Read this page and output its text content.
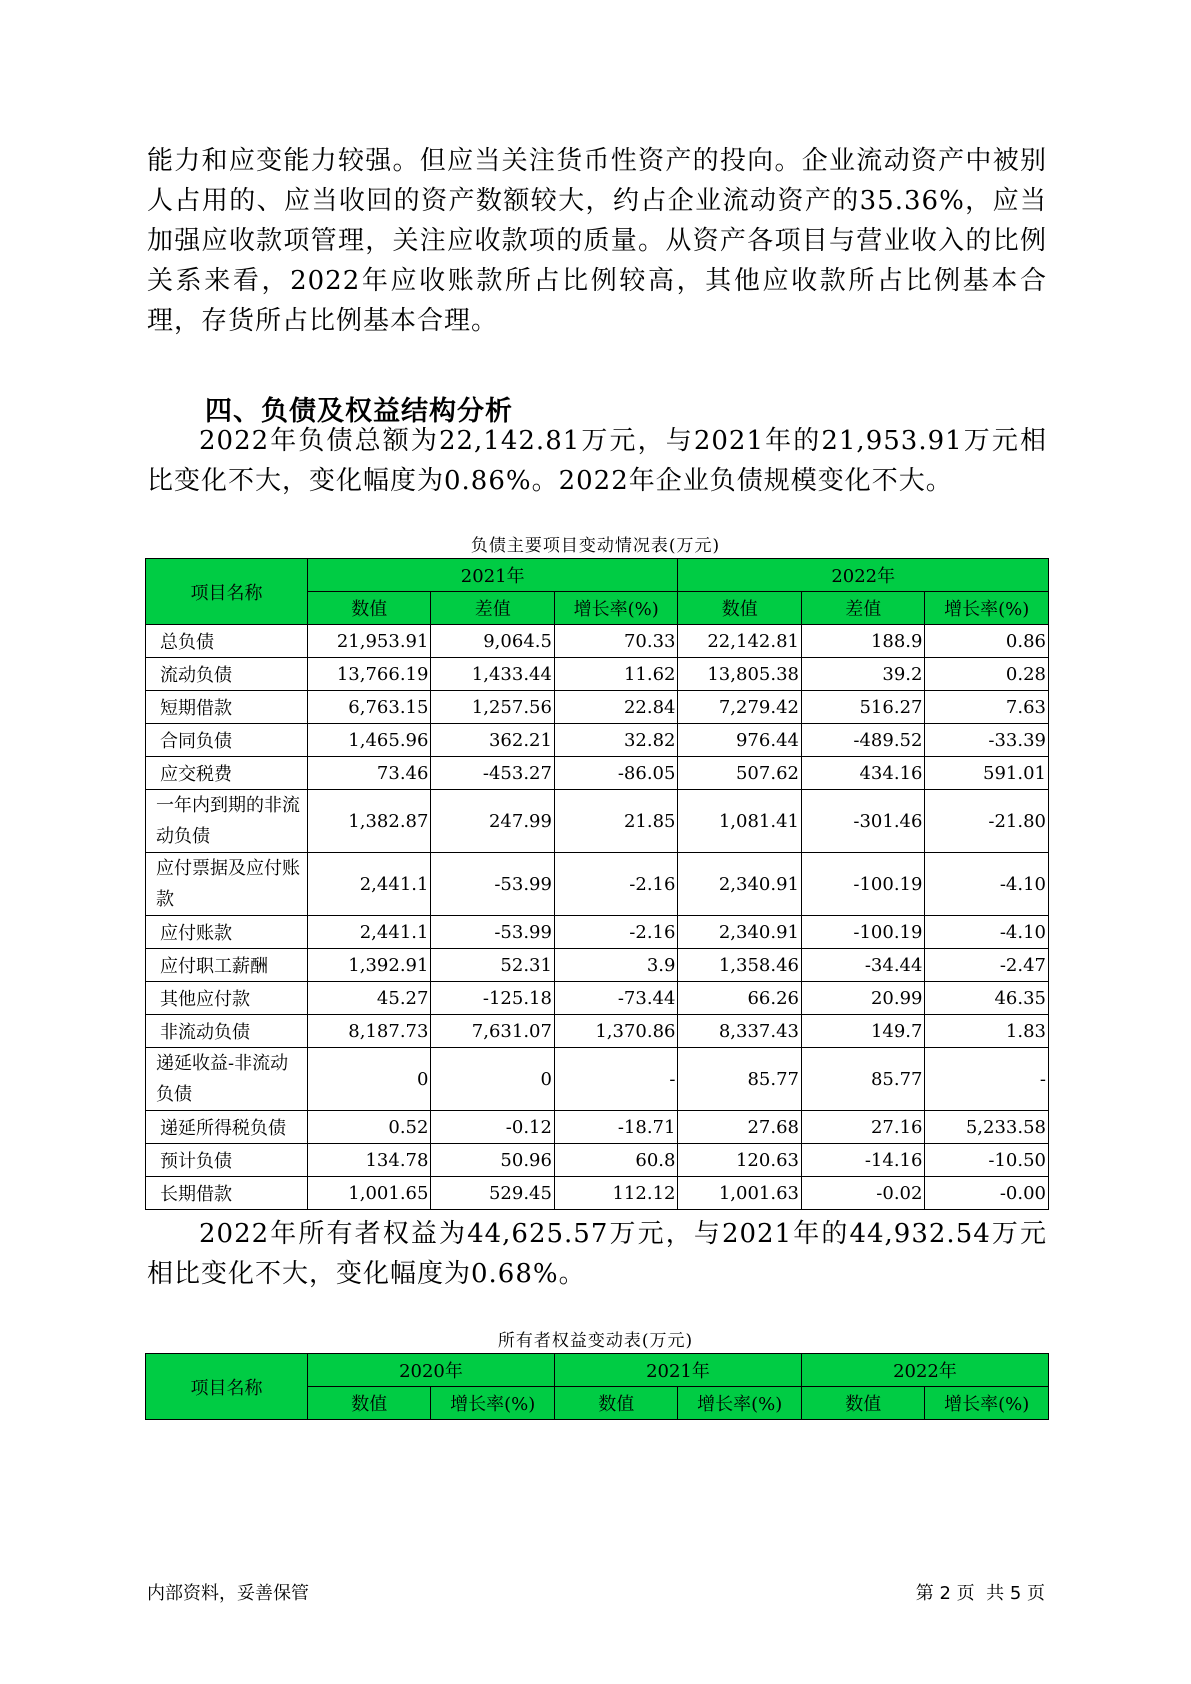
能力和应变能力较强。但应当关注货币性资产的投向。企业流动资产中被别人占用的、应当收回的资产数额较大，约占企业流动资产的35.36%，应当加强应收款项管理，关注应收款项的质量。从资产各项目与营业收入的比例关系来看，2022年应收账款所占比例较高，其他应收款所占比例基本合理，存货所占比例基本合理。

四、负债及权益结构分析

2022年负债总额为22,142.81万元，与2021年的21,953.91万元相比变化不大，变化幅度为0.86%。2022年企业负债规模变化不大。

负债主要项目变动情况表(万元)
项目名称	2021年			2022年		
	数值	差值	增长率(%)	数值	差值	增长率(%)
总负债	21,953.91	9,064.5	70.33	22,142.81	188.9	0.86
流动负债	13,766.19	1,433.44	11.62	13,805.38	39.2	0.28
短期借款	6,763.15	1,257.56	22.84	7,279.42	516.27	7.63
合同负债	1,465.96	362.21	32.82	976.44	-489.52	-33.39
应交税费	73.46	-453.27	-86.05	507.62	434.16	591.01
一年内到期的非流动负债	1,382.87	247.99	21.85	1,081.41	-301.46	-21.80
应付票据及应付账款	2,441.1	-53.99	-2.16	2,340.91	-100.19	-4.10
应付账款	2,441.1	-53.99	-2.16	2,340.91	-100.19	-4.10
应付职工薪酬	1,392.91	52.31	3.9	1,358.46	-34.44	-2.47
其他应付款	45.27	-125.18	-73.44	66.26	20.99	46.35
非流动负债	8,187.73	7,631.07	1,370.86	8,337.43	149.7	1.83
递延收益-非流动负债	0	0	-	85.77	85.77	-
递延所得税负债	0.52	-0.12	-18.71	27.68	27.16	5,233.58
预计负债	134.78	50.96	60.8	120.63	-14.16	-10.50
长期借款	1,001.65	529.45	112.12	1,001.63	-0.02	-0.00

2022年所有者权益为44,625.57万元，与2021年的44,932.54万元相比变化不大，变化幅度为0.68%。

所有者权益变动表(万元)
项目名称	2020年		2021年		2022年	
	数值	增长率(%)	数值	增长率(%)	数值	增长率(%)
内部资料，妥善保管	第 2 页  共 5 页
